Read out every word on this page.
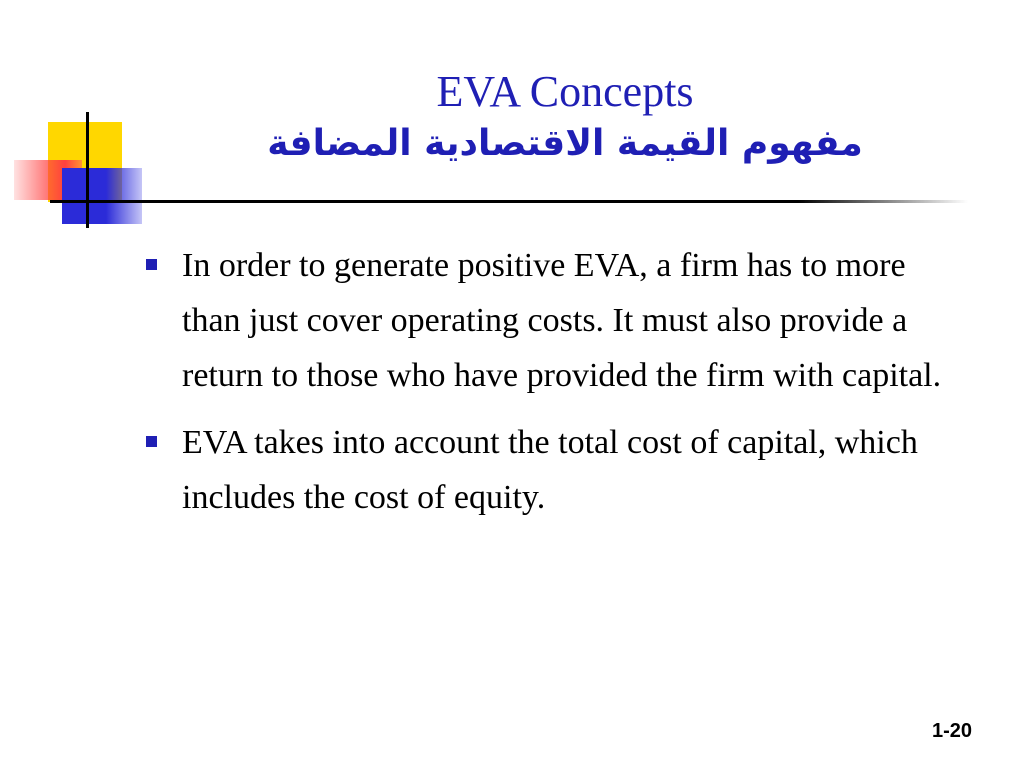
EVA Concepts
مفهوم القيمة الاقتصادية المضافة
In order to generate positive EVA, a firm has to more than just cover operating costs. It must also provide a return to those who have provided the firm with capital.
EVA takes into account the total cost of capital, which includes the cost of equity.
1-20
